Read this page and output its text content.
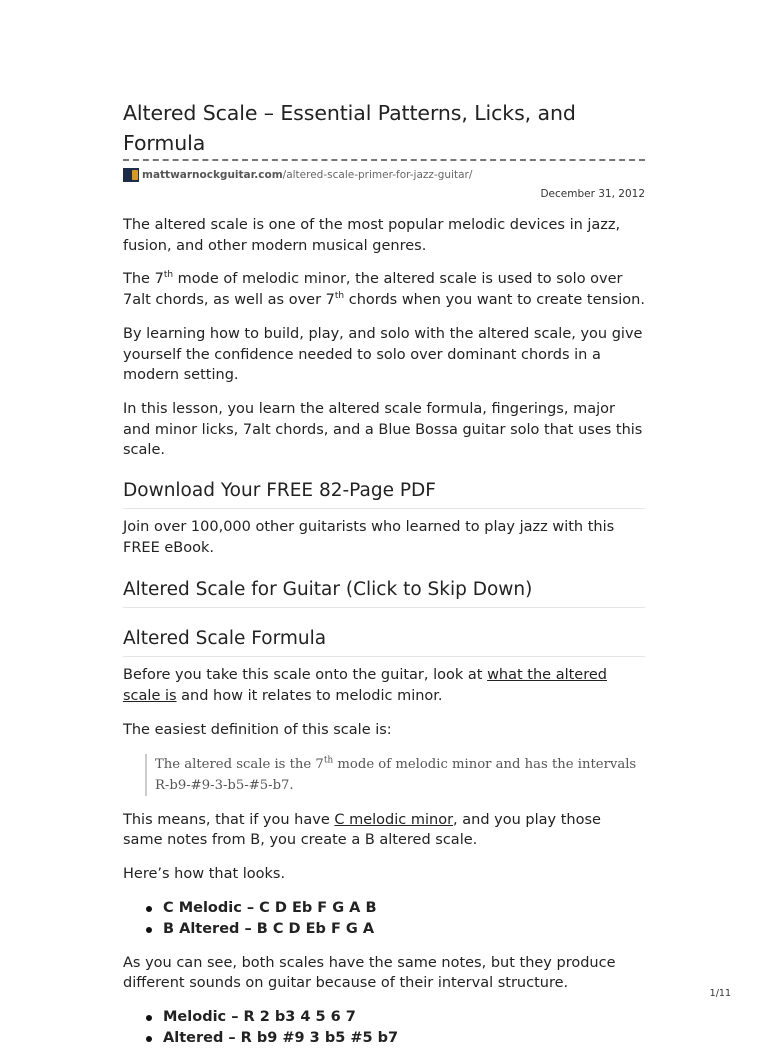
Altered Scale – Essential Patterns, Licks, and Formula
mattwarnockguitar.com /altered-scale-primer-for-jazz-guitar/
December 31, 2012

The altered scale is one of the most popular melodic devices in jazz, fusion, and other modern musical genres.

The 7th mode of melodic minor, the altered scale is used to solo over 7alt chords, as well as over 7th chords when you want to create tension.

By learning how to build, play, and solo with the altered scale, you give yourself the confidence needed to solo over dominant chords in a modern setting.

In this lesson, you learn the altered scale formula, fingerings, major and minor licks, 7alt chords, and a Blue Bossa guitar solo that uses this scale.

Download Your FREE 82-Page PDF

Join over 100,000 other guitarists who learned to play jazz with this FREE eBook.

Altered Scale for Guitar (Click to Skip Down)
Altered Scale Formula

Before you take this scale onto the guitar, look at what the altered scale is and how it relates to melodic minor.

The easiest definition of this scale is:

The altered scale is the 7th mode of melodic minor and has the intervals R-b9-#9-3-b5-#5-b7.

This means, that if you have C melodic minor, and you play those same notes from B, you create a B altered scale.

Here’s how that looks.

C Melodic – C D Eb F G A B
B Altered – B C D Eb F G A

As you can see, both scales have the same notes, but they produce different sounds on guitar because of their interval structure.

Melodic – R 2 b3 4 5 6 7
Altered – R b9 #9 3 b5 #5 b7
1/11
